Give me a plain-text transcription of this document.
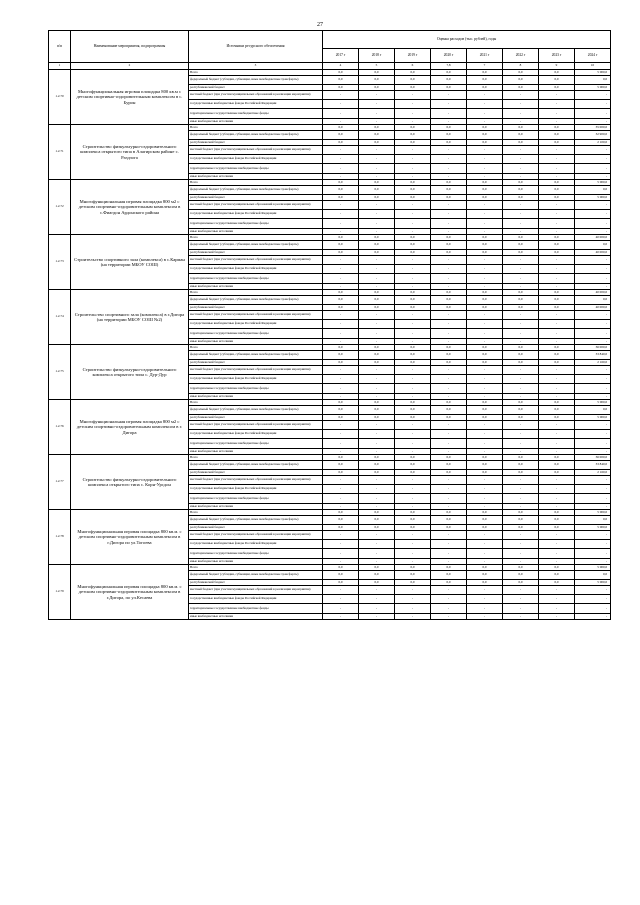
27
п/п	Наименование мероприятия, подпрограммы	Источники ресурсного обеспечения	Оценка расходов (тыс. рублей), годы							
			2017 г	2018 г	2019 г	2020 г	2021 г	2022 г	2023 г	2024 г
1	2	3	4	5	6	7,8	7	8	9	10
1.2.70	Многофункциональная игровая площадка 800 кв.м с детским спортивно-оздоровительным комплексом в с. Бурон	Всего	0,0	0,0	0,0	0,0	0,0	0,0	0,0	5 000,0
		федеральный бюджет (субсидии, субвенции, иные межбюджетные трансферты)	0,0	0,0	0,0	0,0	0,0	0,0	0,0	0,0
		республиканский бюджет	0,0	0,0	0,0	0,0	0,0	0,0	0,0	5 000,0
		местный бюджет (при участии муниципальных образований в реализации мероприятия)	-	-	-	-	-	-	-	-
		государственные внебюджетные фонды Российской Федерации	-	-	-	-	-	-	-	-
		территориальные государственные внебюджетные фонды	-	-	-	-	-	-	-	-
		иные внебюджетные источники	-	-	-	-	-	-	-	-
1.2.71	Строительство физкультурно-оздоровительного комплекса открытого типа в Алагирском районе с. Раздзога	Всего	0,0	0,0	0,0	0,0	0,0	0,0	0,0	35 000,0
		федеральный бюджет (субсидии, субвенции, иные межбюджетные трансферты)	0,0	0,0	0,0	0,0	0,0	0,0	0,0	32 900,0
		республиканский бюджет	0,0	0,0	0,0	0,0	0,0	0,0	0,0	2 100,0
		местный бюджет (при участии муниципальных образований в реализации мероприятия)	-	-	-	-	-	-	-	-
		государственные внебюджетные фонды Российской Федерации	-	-	-	-	-	-	-	-
		территориальные государственные внебюджетные фонды	-	-	-	-	-	-	-	-
		иные внебюджетные источники	-	-	-	-	-	-	-	-
1.2.72	Многофункциональная игровая площадка 800 м2 с детским спортивно-оздоровительным комплексом в с.Фиагдон Ардонского района	Всего	0,0	0,0	0,0	0,0	0,0	0,0	0,0	5 000,0
		федеральный бюджет (субсидии, субвенции, иные межбюджетные трансферты)	0,0	0,0	0,0	0,0	0,0	0,0	0,0	0,0
		республиканский бюджет	0,0	0,0	0,0	0,0	0,0	0,0	0,0	5 000,0
		местный бюджет (при участии муниципальных образований в реализации мероприятия)	-	-	-	-	-	-	-	-
		государственные внебюджетные фонды Российской Федерации	-	-	-	-	-	-	-	-
		территориальные государственные внебюджетные фонды	-	-	-	-	-	-	-	-
		иные внебюджетные источники	-	-	-	-	-	-	-	-
1.2.73	Строительство спортивного зала (комплекса) в с.Карман (на территории МБОУ СОШ)	Всего	0,0	0,0	0,0	0,0	0,0	0,0	0,0	40 000,0
		федеральный бюджет (субсидии, субвенции, иные межбюджетные трансферты)	0,0	0,0	0,0	0,0	0,0	0,0	0,0	0,0
		республиканский бюджет	0,0	0,0	0,0	0,0	0,0	0,0	0,0	40 000,0
		местный бюджет (при участии муниципальных образований в реализации мероприятия)	-	-	-	-	-	-	-	-
		государственные внебюджетные фонды Российской Федерации	-	-	-	-	-	-	-	-
		территориальные государственные внебюджетные фонды	-	-	-	-	-	-	-	-
		иные внебюджетные источники	-	-	-	-	-	-	-	-
1.2.74	Строительство спортивного зала (комплекса) в г.Дигора (на территории МБОУ СОШ №2)	Всего	0,0	0,0	0,0	0,0	0,0	0,0	0,0	40 000,0
		федеральный бюджет (субсидии, субвенции, иные межбюджетные трансферты)	0,0	0,0	0,0	0,0	0,0	0,0	0,0	0,0
		республиканский бюджет	0,0	0,0	0,0	0,0	0,0	0,0	0,0	40 000,0
		местный бюджет (при участии муниципальных образований в реализации мероприятия)	-	-	-	-	-	-	-	-
		государственные внебюджетные фонды Российской Федерации	-	-	-	-	-	-	-	-
		территориальные государственные внебюджетные фонды	-	-	-	-	-	-	-	-
		иные внебюджетные источники	-	-	-	-	-	-	-	-
1.2.75	Строительство физкультурно-оздоровительного комплекса открытого типа с. Дур-Дур	Всего	0,0	0,0	0,0	0,0	0,0	0,0	0,0	36 000,0
		федеральный бюджет (субсидии, субвенции, иные межбюджетные трансферты)	0,0	0,0	0,0	0,0	0,0	0,0	0,0	33 840,0
		республиканский бюджет	0,0	0,0	0,0	0,0	0,0	0,0	0,0	2 160,0
		местный бюджет (при участии муниципальных образований в реализации мероприятия)	-	-	-	-	-	-	-	-
		государственные внебюджетные фонды Российской Федерации	-	-	-	-	-	-	-	-
		территориальные государственные внебюджетные фонды	-	-	-	-	-	-	-	-
		иные внебюджетные источники	-	-	-	-	-	-	-	-
1.2.76	Многофункциональная игровая площадка 800 м2 с детским спортивно-оздоровительным комплексом в г. Дигора	Всего	0,0	0,0	0,0	0,0	0,0	0,0	0,0	5 000,0
		федеральный бюджет (субсидии, субвенции, иные межбюджетные трансферты)	0,0	0,0	0,0	0,0	0,0	0,0	0,0	0,0
		республиканский бюджет	0,0	0,0	0,0	0,0	0,0	0,0	0,0	5 000,0
		местный бюджет (при участии муниципальных образований в реализации мероприятия)	-	-	-	-	-	-	-	-
		государственные внебюджетные фонды Российской Федерации	-	-	-	-	-	-	-	-
		территориальные государственные внебюджетные фонды	-	-	-	-	-	-	-	-
		иные внебюджетные источники	-	-	-	-	-	-	-	-
1.2.77	Строительство физкультурно-оздоровительного комплекса открытого типа с. Корн-Урсдон	Всего	0,0	0,0	0,0	0,0	0,0	0,0	0,0	36 000,0
		федеральный бюджет (субсидии, субвенции, иные межбюджетные трансферты)	0,0	0,0	0,0	0,0	0,0	0,0	0,0	33 840,0
		республиканский бюджет	0,0	0,0	0,0	0,0	0,0	0,0	0,0	2 160,0
		местный бюджет (при участии муниципальных образований в реализации мероприятия)	-	-	-	-	-	-	-	-
		государственные внебюджетные фонды Российской Федерации	-	-	-	-	-	-	-	-
		территориальные государственные внебюджетные фонды	-	-	-	-	-	-	-	-
		иные внебюджетные источники	-	-	-	-	-	-	-	-
1.2.78	Многофункциональная игровая площадка 800 кв.м. с детским спортивно-оздоровительным комплексом в г.Дигора по ул.Тогоева	Всего	0,0	0,0	0,0	0,0	0,0	0,0	0,0	5 000,0
		федеральный бюджет (субсидии, субвенции, иные межбюджетные трансферты)	0,0	0,0	0,0	0,0	0,0	0,0	0,0	0,0
		республиканский бюджет	0,0	0,0	0,0	0,0	0,0	0,0	0,0	5 000,0
		местный бюджет (при участии муниципальных образований в реализации мероприятия)	-	-	-	-	-	-	-	-
		государственные внебюджетные фонды Российской Федерации	-	-	-	-	-	-	-	-
		территориальные государственные внебюджетные фонды	-	-	-	-	-	-	-	-
		иные внебюджетные источники	-	-	-	-	-	-	-	-
1.2.79	Многофункциональная игровая площадка 800 кв.м. с детским спортивно-оздоровительным комплексом в г.Дигора, по ул.Кесаева	Всего	0,0	0,0	0,0	0,0	0,0	0,0	0,0	5 000,0
		федеральный бюджет (субсидии, субвенции, иные межбюджетные трансферты)	0,0	0,0	0,0	0,0	0,0	0,0	0,0	0,0
		республиканский бюджет	0,0	0,0	0,0	0,0	0,0	0,0	0,0	5 000,0
		местный бюджет (при участии муниципальных образований в реализации мероприятия)	-	-	-	-	-	-	-	-
		государственные внебюджетные фонды Российской Федерации	-	-	-	-	-	-	-	-
		территориальные государственные внебюджетные фонды	-	-	-	-	-	-	-	-
		иные внебюджетные источники	-	-	-	-	-	-	-	-
